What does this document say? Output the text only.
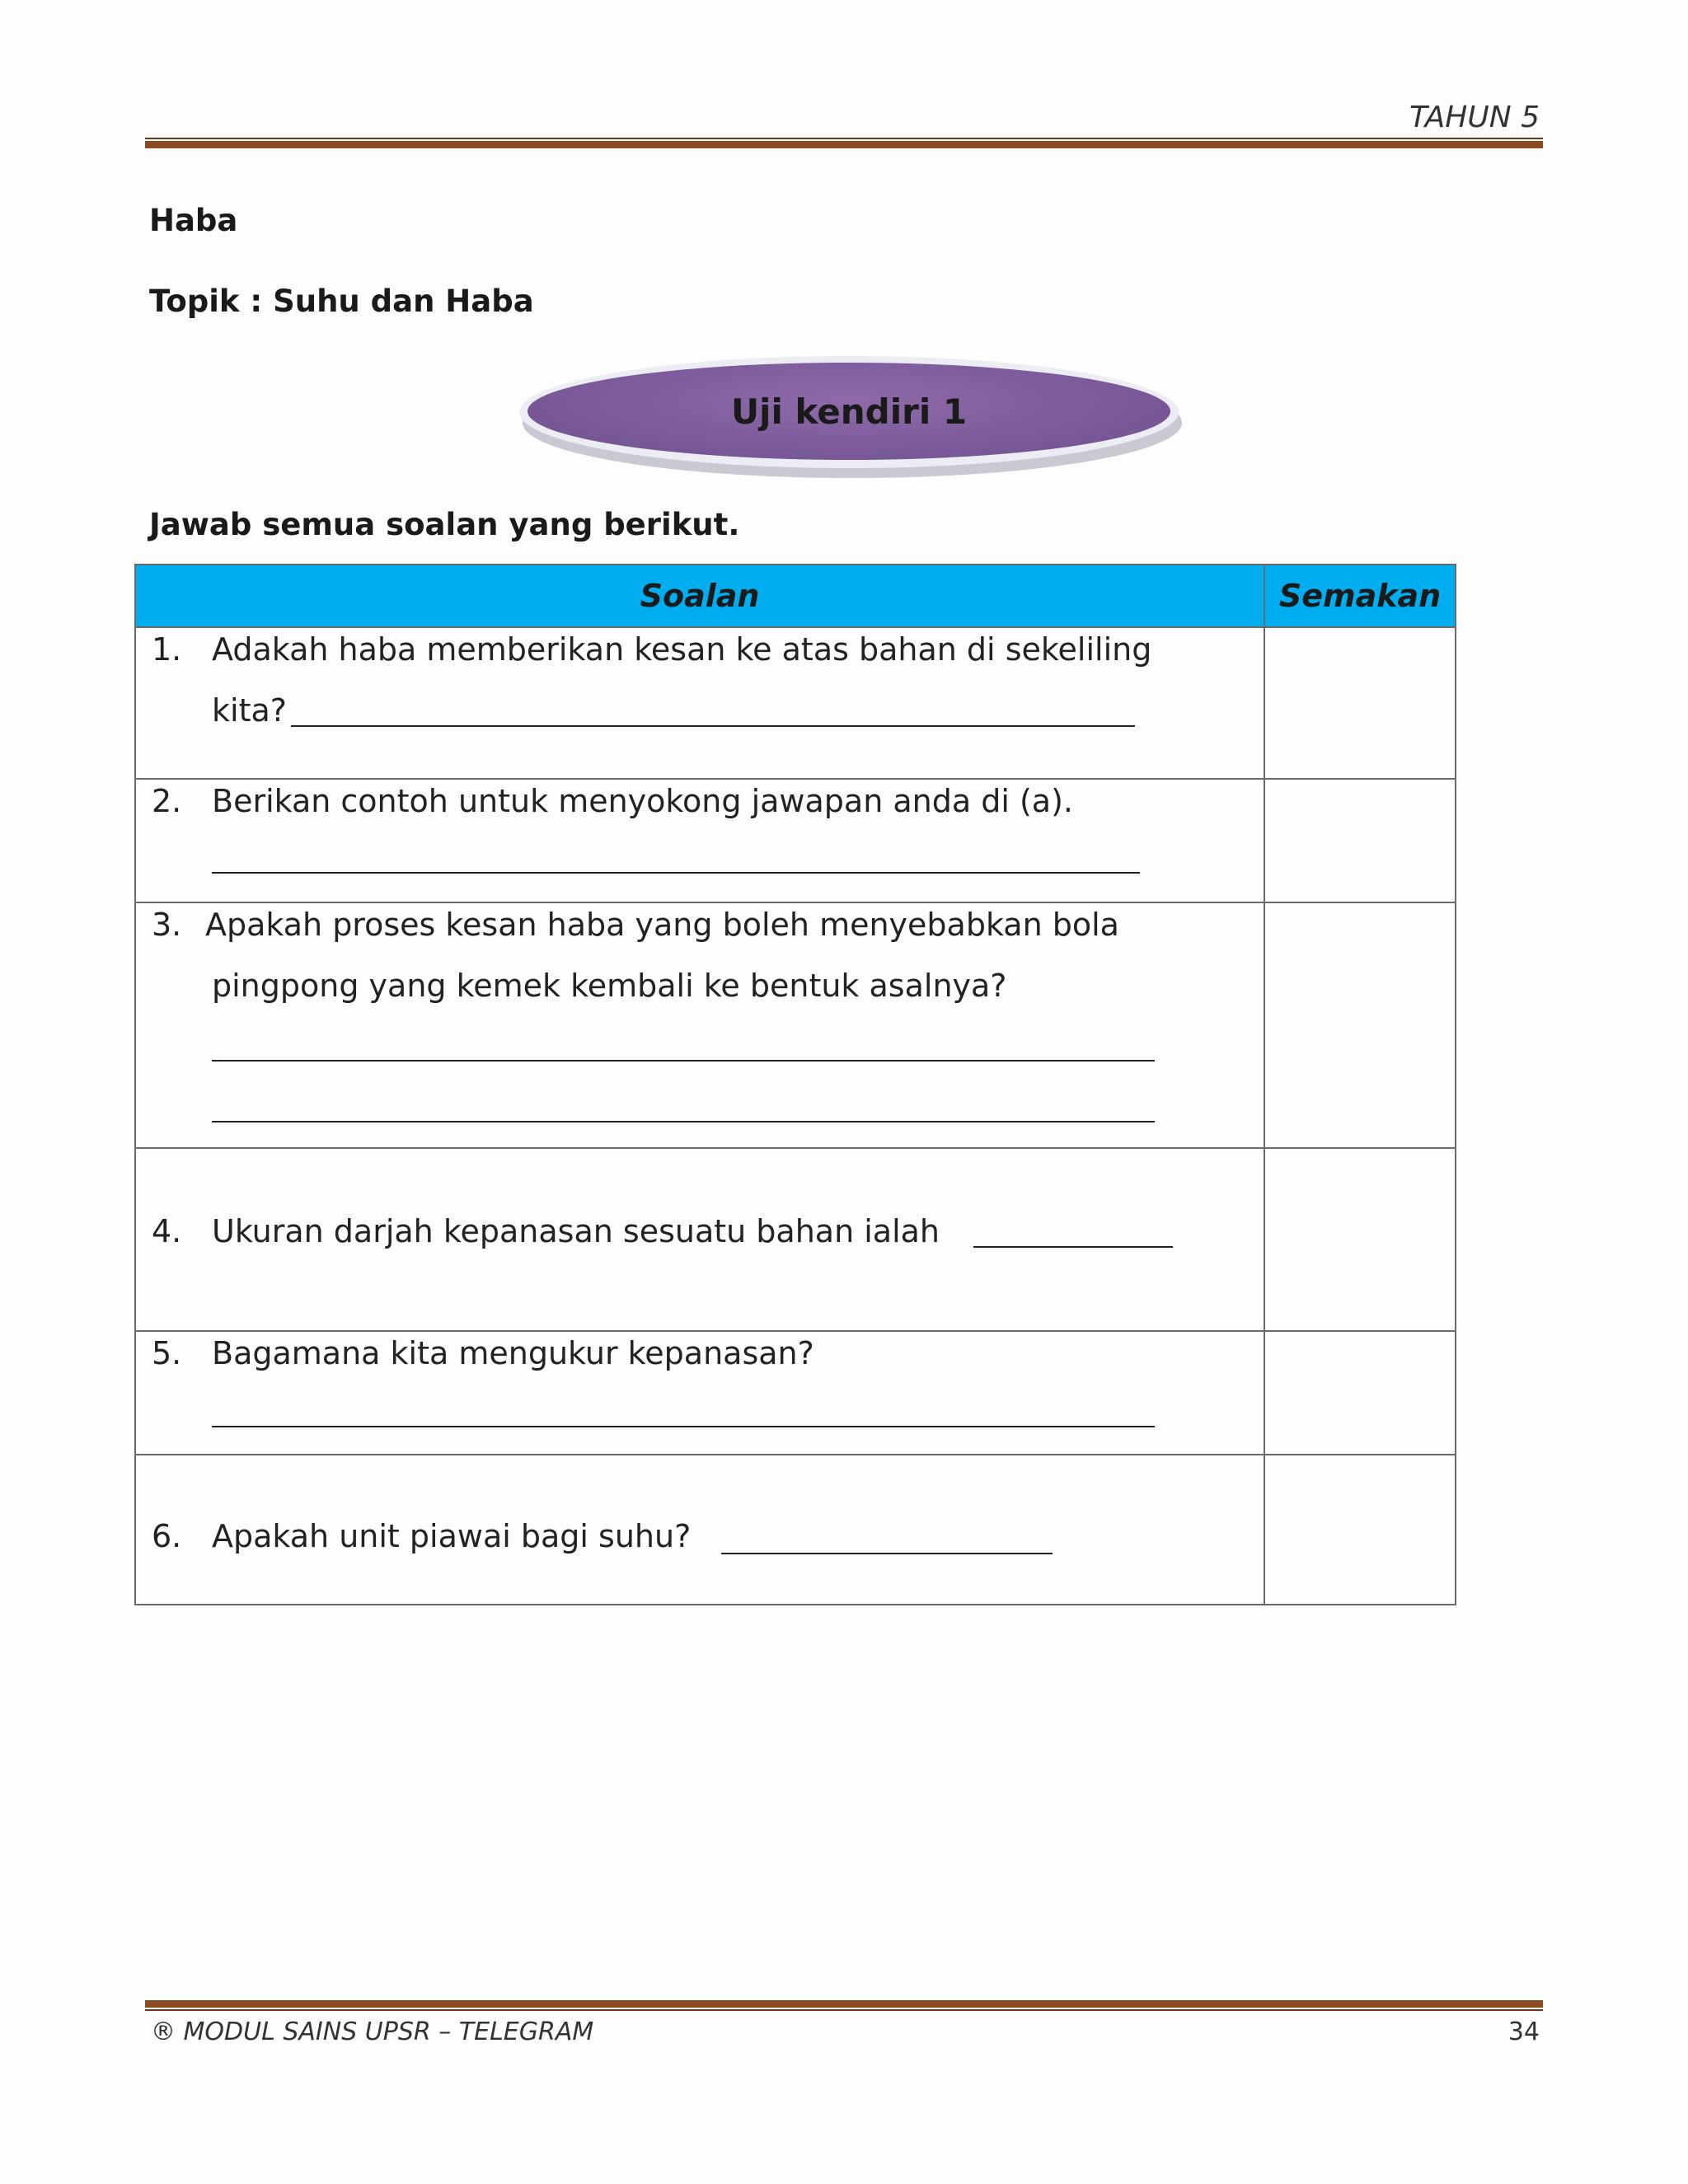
TAHUN 5
Haba
Topik : Suhu dan Haba
Uji kendiri 1
Jawab semua soalan yang berikut.
Soalan	Semakan

1. Adakah haba memberikan kesan ke atas bahan di sekeliling
kita?	

2. Berikan contoh untuk menyokong jawapan anda di (a).	

3. Apakah proses kesan haba yang boleh menyebabkan bola
pingpong yang kemek kembali ke bentuk asalnya?	

4. Ukuran darjah kepanasan sesuatu bahan ialah	

5. Bagamana kita mengukur kepanasan?	

6. Apakah unit piawai bagi suhu?	

® MODUL SAINS UPSR – TELEGRAM	34
